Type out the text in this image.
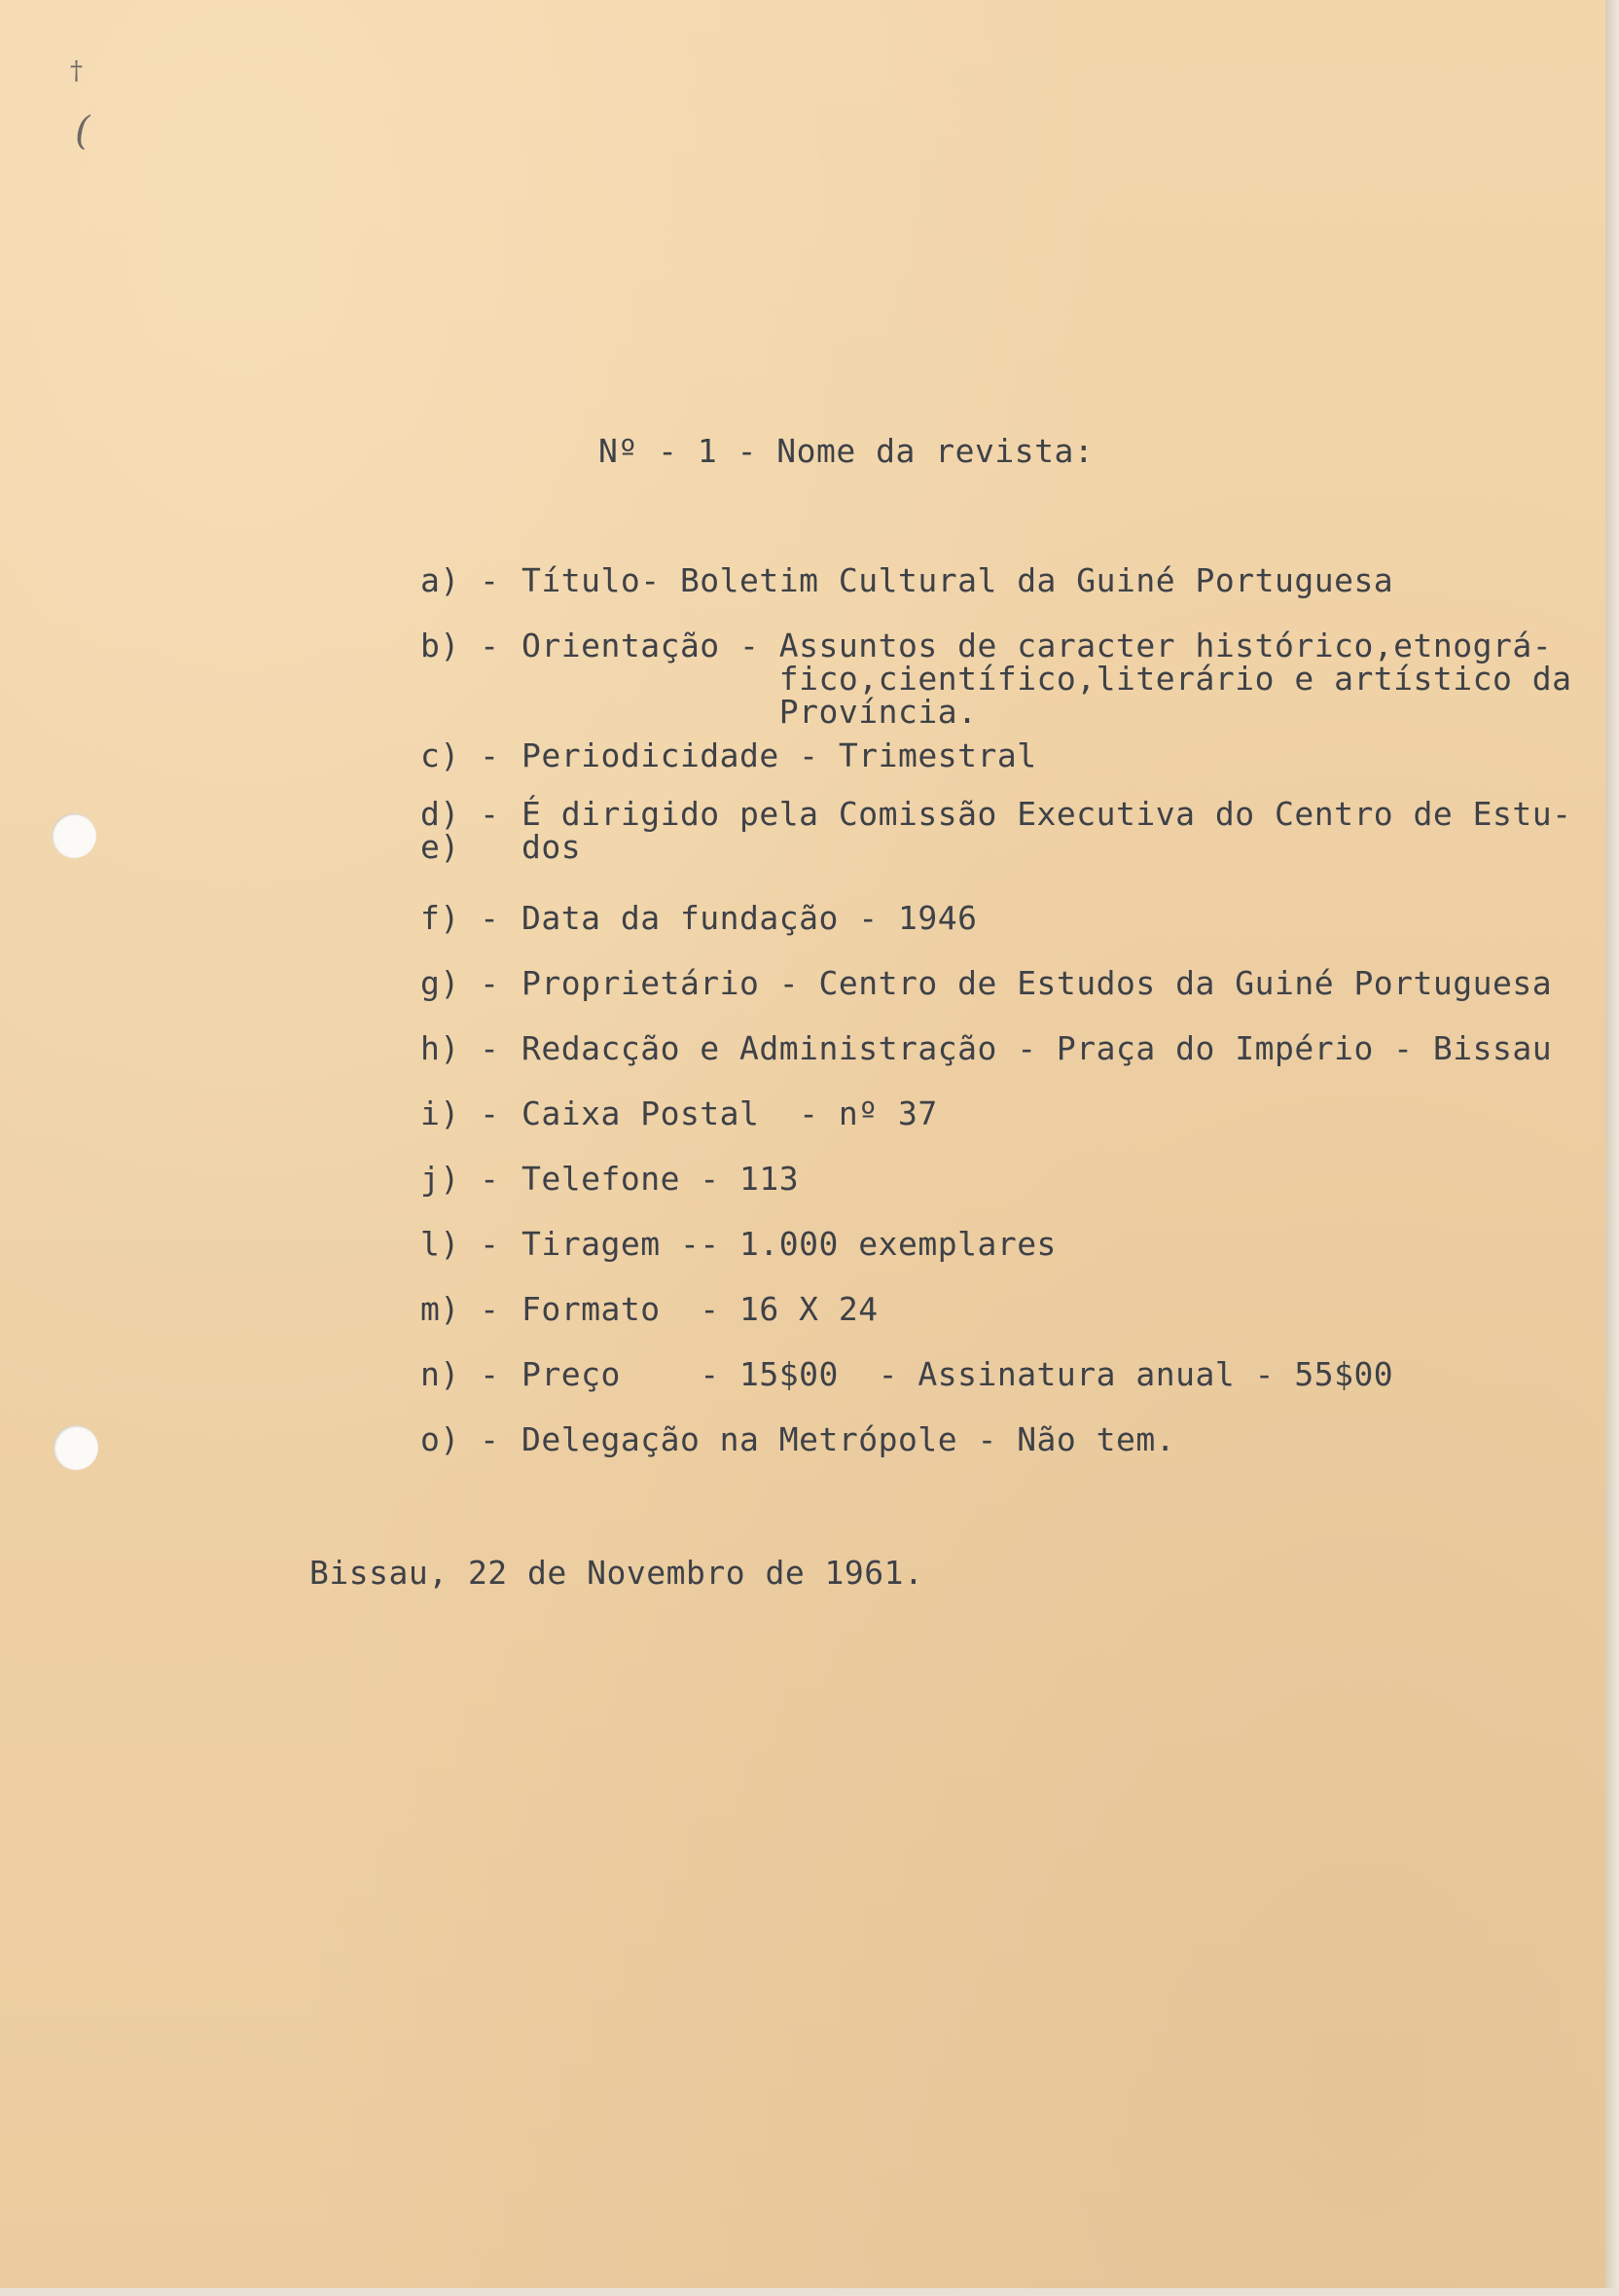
†
(
Nº - 1 - Nome da revista:
a) - Título- Boletim Cultural da Guiné Portuguesa
b) - Orientação - Assuntos de caracter histórico,etnográ-
fico,científico,literário e artístico da
Província.
c) - Periodicidade - Trimestral
d) -
e)
É dirigido pela Comissão Executiva do Centro de Estu-
dos
f) - Data da fundação - 1946
g) - Proprietário - Centro de Estudos da Guiné Portuguesa
h) - Redacção e Administração - Praça do Império - Bissau
i) - Caixa Postal  - nº 37
j) - Telefone - 113
l) - Tiragem -- 1.000 exemplares
m) - Formato  - 16 X 24
n) - Preço    - 15$00  - Assinatura anual - 55$00
o) - Delegação na Metrópole - Não tem.
Bissau, 22 de Novembro de 1961.
